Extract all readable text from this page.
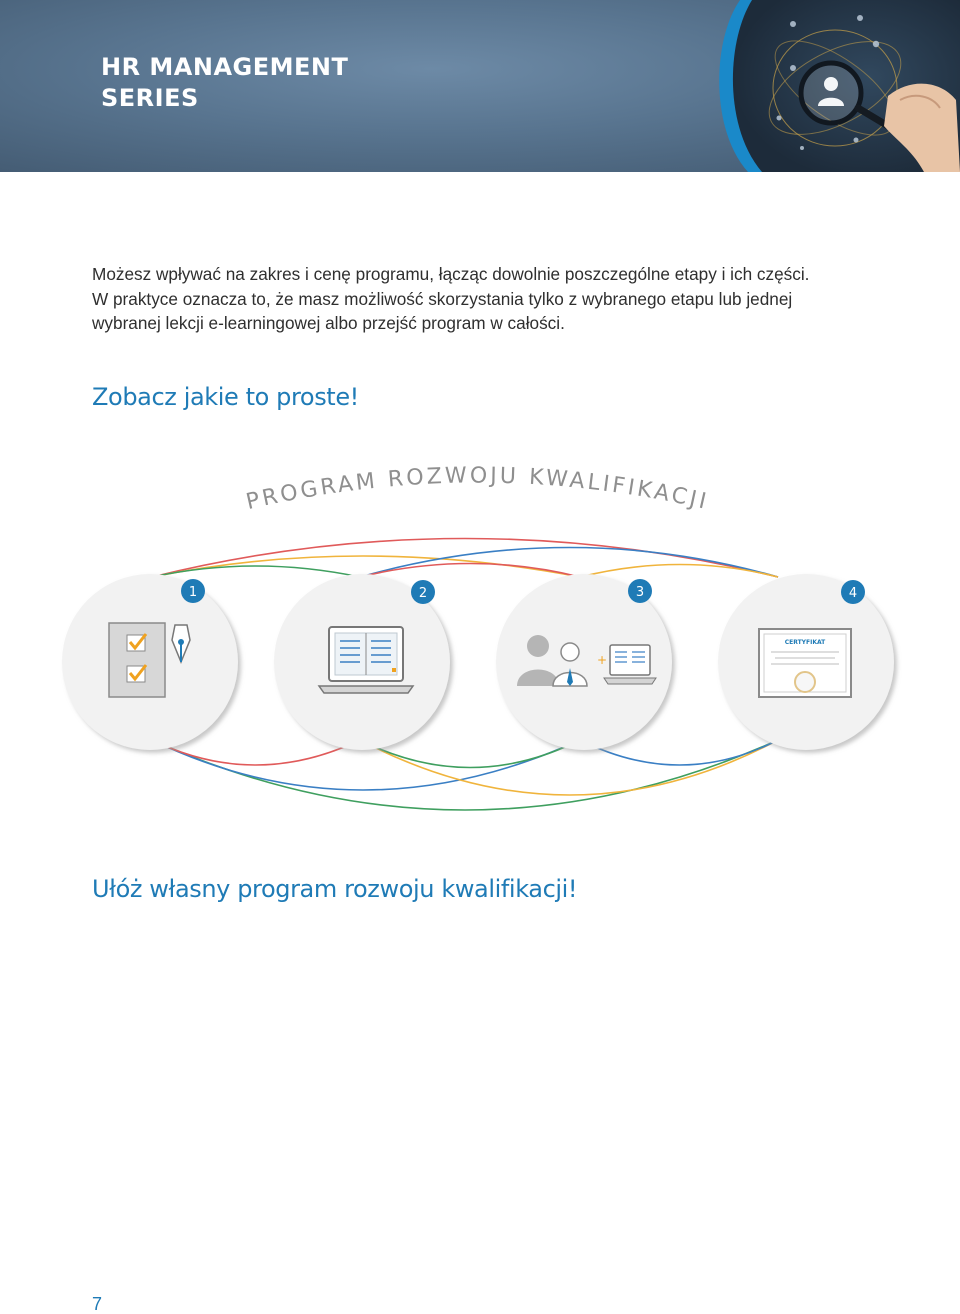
HR MANAGEMENT
SERIES
Możesz wpływać na zakres i cenę programu, łącząc dowolnie poszczególne etapy i ich części.
W praktyce oznacza to, że masz możliwość skorzystania tylko z wybranego etapu lub jednej
wybranej lekcji e-learningowej albo przejść program w całości.
Zobacz jakie to proste!
PROGRAM ROZWOJU KWALIFIKACJI
1	2	3
+
4
CERTYFIKAT
Ułóż własny program rozwoju kwalifikacji!
7
